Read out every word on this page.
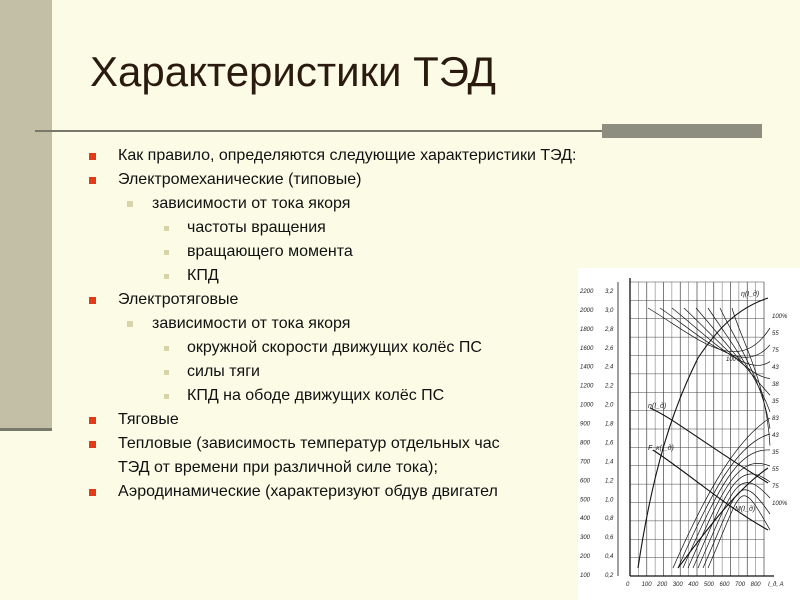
Характеристики ТЭД
Как правило, определяются следующие характеристики ТЭД:
Электромеханические (типовые)
зависимости от тока якоря
частоты вращения
вращающего момента
КПД
Электротяговые
зависимости от тока якоря
окружной скорости движущих колёс ПС
силы тяги
КПД на ободе движущих колёс ПС
Тяговые
Тепловые (зависимость температур отдельных час
ТЭД от времени при различной силе тока);
Аэродинамические (характеризуют обдув двигател
2200
2000
1800
1600
1400
1200
1000
900
800
700
600
500
400
300
200
100
3,2
3,0
2,8
2,6
2,4
2,2
2,0
1,8
1,6
1,4
1,2
1,0
0,8
0,6
0,4
0,2
0 100 200 300 400 500 600 700 800 I_д, А
η(I_д)
n(I_д)
F_к(I_д)
M(I_д)
100%
100%
55
75
43
38
35
83
43
35
55
75
100%
